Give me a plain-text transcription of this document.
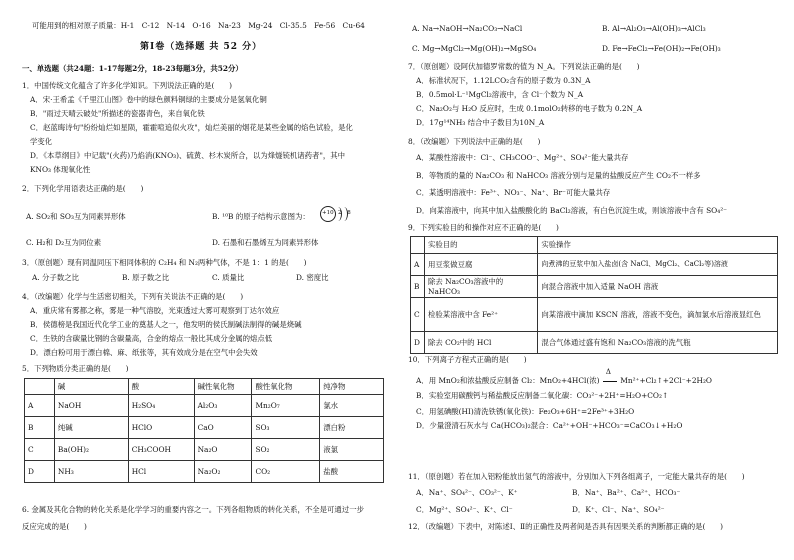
可能用到的相对原子质量：H-1　C-12　N-14　O-16　Na-23　Mg-24　Cl-35.5　Fe-56　Cu-64
第Ⅰ卷（选择题 共 52 分）
一、单选题（共24题：1-17每题2分，18-23每题3分，共52分）
1．中国传统文化蕴含了许多化学知识。下列说法正确的是(　　)
A．宋·王希孟《千里江山图》卷中的绿色颜料铜绿的主要成分是氢氧化铜
B．"雨过天晴云破处"所描述的瓷器青色，来自氧化铁
C．赵蓝晦诗句"纷纷灿烂如星陨，霍霍喧追似火攻"，灿烂美丽的烟花是某些金属的焰色试验，是化
学变化
D．《本草纲目》中记载"(火药)乃焰消(KNO₃)、硫黄、杉木炭所合，以为烽燧铳机诸药者"，其中
KNO₃ 体现氧化性
2．下列化学用语表达正确的是(　　)
A. SO₂和 SO₃互为同素异形体	B. ¹⁰B 的原子结构示意图为： +10 2 8
C. H₂和 D₂互为同位素	D. 石墨和石墨烯互为同素异形体
3．（原创题）现有同温同压下相同体积的 C₂H₄ 和 N₂两种气体，不是 1：1 的是(　　)
A. 分子数之比	B. 原子数之比	C. 质量比	D. 密度比
4．（改编题）化学与生活密切相关，下列有关说法不正确的是(　　)
A．重庆常有雾都之称，雾是一种气溶胶，光束透过大雾可观察到丁达尔效应
B．侯德榜是我国近代化学工业的奠基人之一，他发明的侯氏制碱法制得的碱是烧碱
C．生铁的含碳量比钢的含碳量高，合金的熔点一般比其成分金属的熔点低
D．漂白粉可用于漂白棉、麻、纸张等，其有效成分是在空气中会失效
5．下列物质分类正确的是(　　)
	碱	酸	碱性氧化物	酸性氧化物	纯净物
A	NaOH	H₂SO₄	Al₂O₃	Mn₂O₇	氯水
B	纯碱	HClO	CaO	SO₃	漂白粉
C	Ba(OH)₂	CH₃COOH	Na₂O	SO₂	液氯
D	NH₃	HCl	Na₂O₂	CO₂	盐酸
6. 金属及其化合物的转化关系是化学学习的重要内容之一。下列各组物质的转化关系，不全是可通过一步
反应完成的是(　　)
A. Na→NaOH→Na₂CO₃→NaCl	B. Al→Al₂O₃→Al(OH)₃→AlCl₃
C. Mg→MgCl₂→Mg(OH)₂→MgSO₄	D. Fe→FeCl₂→Fe(OH)₂→Fe(OH)₃
7．（原创题）设阿伏加德罗常数的值为 N_A。下列说法正确的是(　　)
A．标准状况下，1.12LCO₂含有的原子数为 0.3N_A
B．0.5mol·L⁻¹MgCl₂溶液中，含 Cl⁻个数为 N_A
C．Na₂O₂与 H₂O 反应时，生成 0.1molO₂转移的电子数为 0.2N_A
D．17g¹⁴NH₃ 结合中子数目为10N_A
8．（改编题）下列说法中正确的是(　　)
A．某酸性溶液中：Cl⁻、CH₃COO⁻、Mg²⁺、SO₄²⁻能大量共存
B．等物质的量的 Na₂CO₃ 和 NaHCO₃ 溶液分别与足量的盐酸反应产生 CO₂不一样多
C．某透明溶液中：Fe³⁺、NO₃⁻、Na⁺、Br⁻可能大量共存
D．向某溶液中，向其中加入盐酸酸化的 BaCl₂溶液，有白色沉淀生成，则该溶液中含有 SO₄²⁻
9．下列实验目的和操作对应不正确的是(　　)
	实验目的	实验操作
A	用豆浆做豆腐	向煮沸的豆浆中加入盐卤(含 NaCl、MgCl₂、CaCl₂等)溶液
B	除去 Na₂CO₃溶液中的 NaHCO₃	向混合溶液中加入适量 NaOH 溶液
C	检验某溶液中含 Fe²⁺	向某溶液中滴加 KSCN 溶液，溶液不变色，滴加氯水后溶液显红色
D	除去 CO₂中的 HCl	混合气体通过盛有饱和 Na₂CO₃溶液的洗气瓶
10．下列离子方程式正确的是(　　)
A．用 MnO₂和浓盐酸反应制备 Cl₂：MnO₂+4HCl(浓)
Δ
Mn²⁺+Cl₂↑+2Cl⁻+2H₂O
B．实验室用碳酸钙与稀盐酸反应制备二氧化碳：CO₃²⁻+2H⁺=H₂O+CO₂↑
C．用氢碘酸(HI)清洗铁锈(氧化铁)：Fe₂O₃+6H⁺=2Fe³⁺+3H₂O
D．少量澄清石灰水与 Ca(HCO₃)₂混合：Ca²⁺+OH⁻+HCO₃⁻=CaCO₃↓+H₂O
11．（原创题）若在加入铝粉能放出氢气的溶液中，分别加入下列各组离子，一定能大量共存的是(　　)
A．Na⁺、SO₄²⁻、CO₃²⁻、K⁺	B．Na⁺、Ba²⁺、Ca²⁺、HCO₃⁻
C．Mg²⁺、SO₄²⁻、K⁺、Cl⁻	D．K⁺、Cl⁻、Na⁺、SO₄²⁻
12．（改编题）下表中，对陈述Ⅰ、Ⅱ的正确性及两者间是否具有因果关系的判断都正确的是(　　)
